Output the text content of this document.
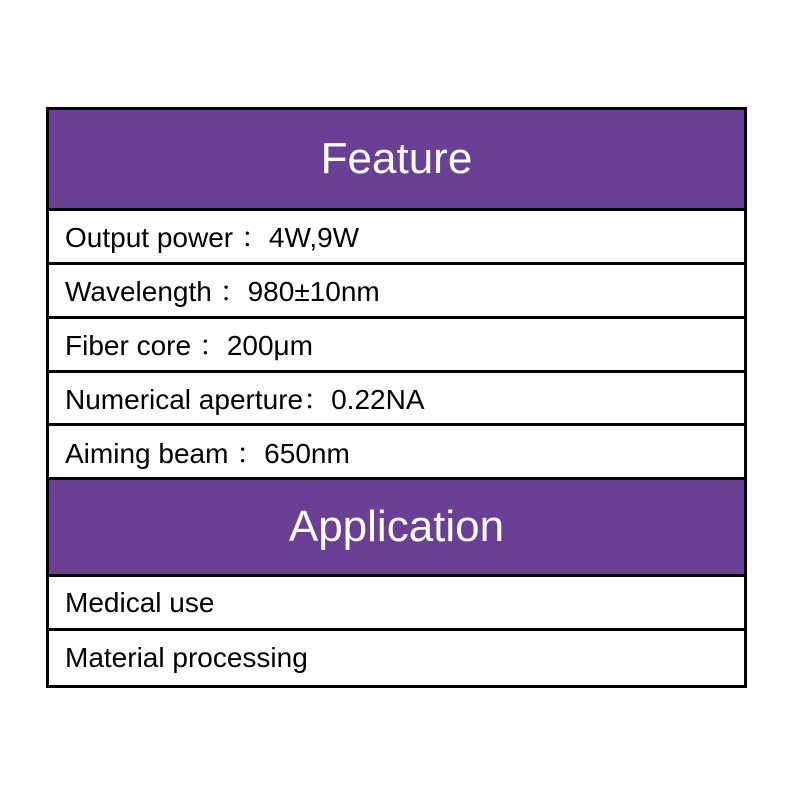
Feature
Output power ：4W,9W
Wavelength ：980±10nm
Fiber core ：200μm
Numerical aperture：0.22NA
Aiming beam ：650nm
Application
Medical use
Material processing
